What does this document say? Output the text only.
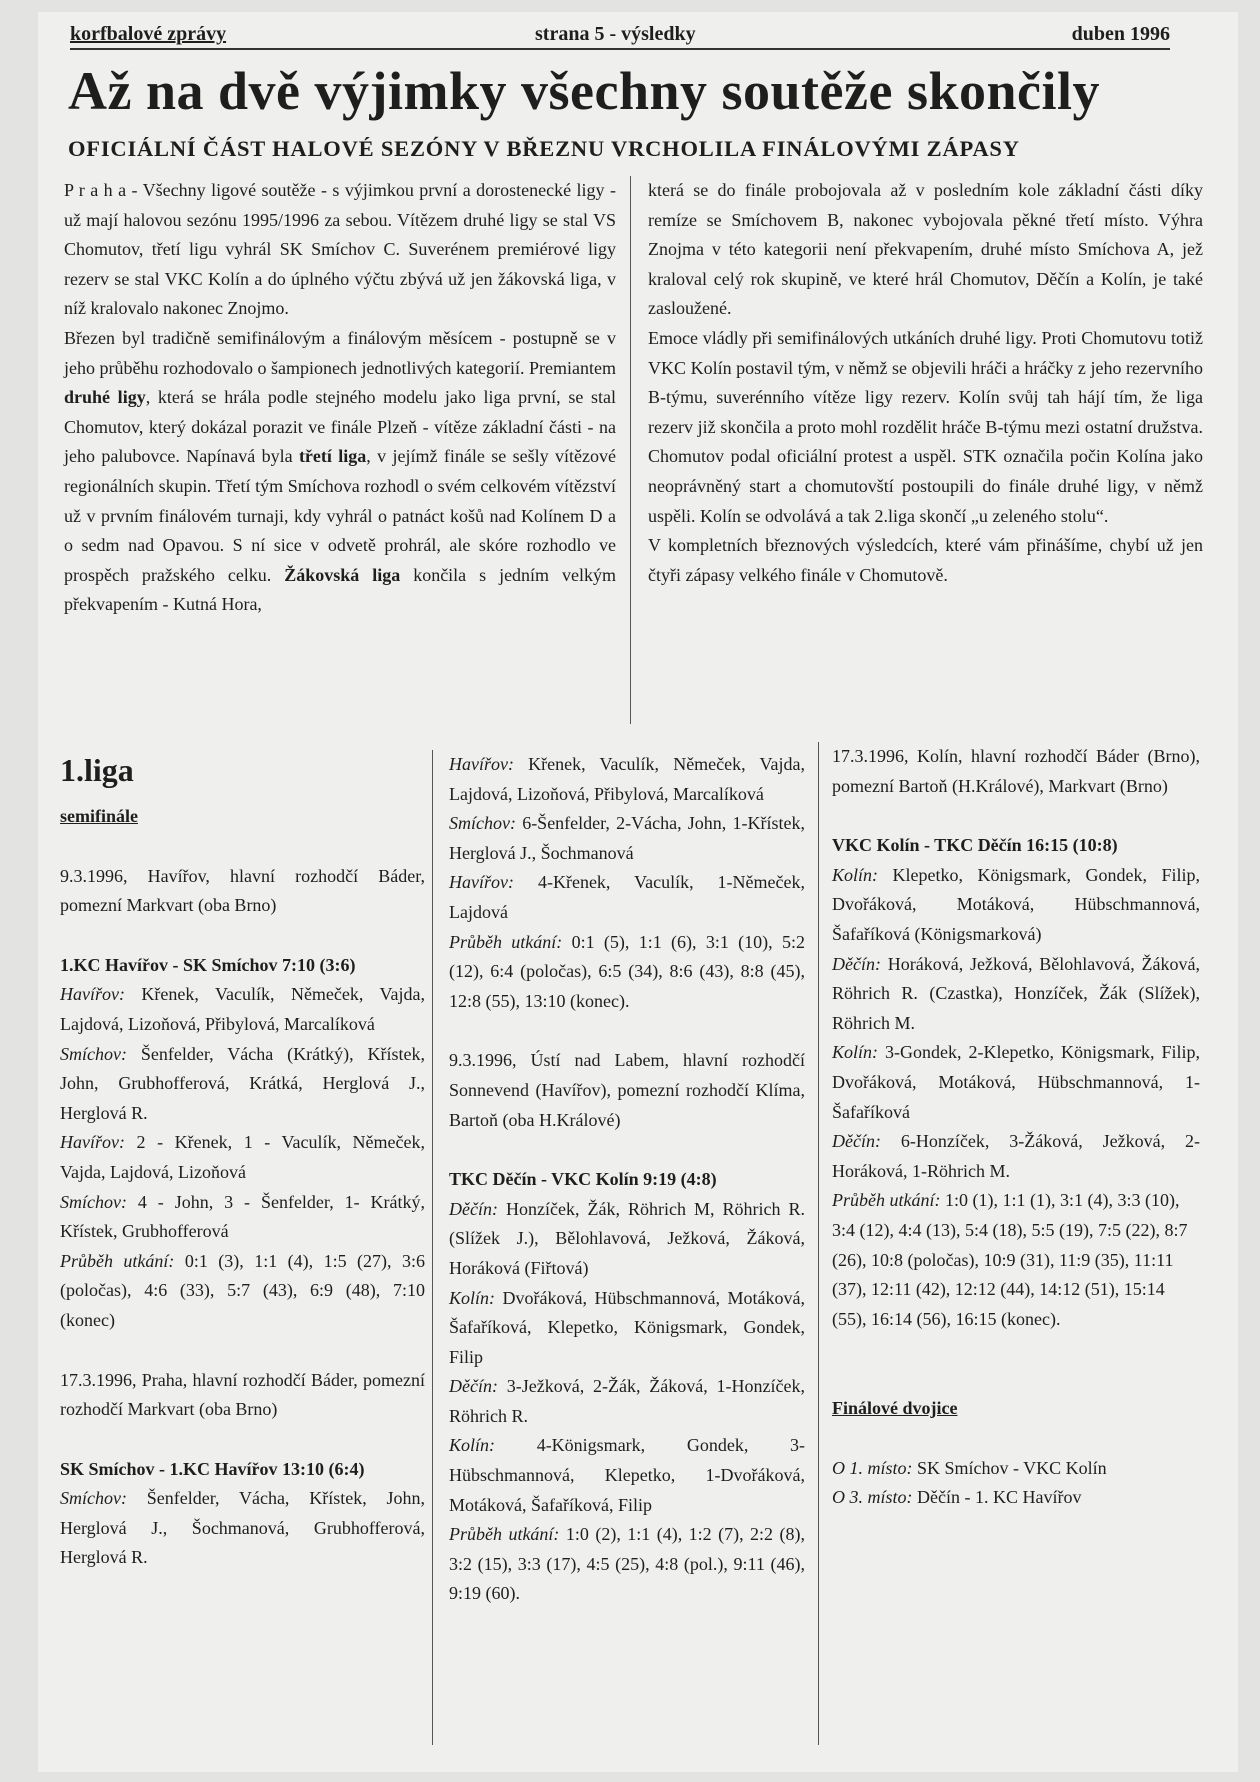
korfbalové zprávy	strana 5 - výsledky	duben 1996
Až na dvě výjimky všechny soutěže skončily
OFICIÁLNÍ ČÁST HALOVÉ SEZÓNY V BŘEZNU VRCHOLILA FINÁLOVÝMI ZÁPASY

P r a h a - Všechny ligové soutěže - s výjimkou první a dorostenecké ligy - už mají halovou sezónu 1995/1996 za sebou. Vítězem druhé ligy se stal VS Chomutov, třetí ligu vyhrál SK Smíchov C. Suverénem premiérové ligy rezerv se stal VKC Kolín a do úplného výčtu zbývá už jen žákovská liga, v níž kralovalo nakonec Znojmo.

Březen byl tradičně semifinálovým a finálovým měsícem - postupně se v jeho průběhu rozhodovalo o šampionech jednotlivých kategorií. Premiantem druhé ligy, která se hrála podle stejného modelu jako liga první, se stal Chomutov, který dokázal porazit ve finále Plzeň - vítěze základní části - na jeho palubovce. Napínavá byla třetí liga, v jejímž finále se sešly vítězové regionálních skupin. Třetí tým Smíchova rozhodl o svém celkovém vítězství už v prvním finálovém turnaji, kdy vyhrál o patnáct košů nad Kolínem D a o sedm nad Opavou. S ní sice v odvetě prohrál, ale skóre rozhodlo ve prospěch pražského celku. Žákovská liga končila s jedním velkým překvapením - Kutná Hora,

která se do finále probojovala až v posledním kole základní části díky remíze se Smíchovem B, nakonec vybojovala pěkné třetí místo. Výhra Znojma v této kategorii není překvapením, druhé místo Smíchova A, jež kraloval celý rok skupině, ve které hrál Chomutov, Děčín a Kolín, je také zasloužené.

Emoce vládly při semifinálových utkáních druhé ligy. Proti Chomutovu totiž VKC Kolín postavil tým, v němž se objevili hráči a hráčky z jeho rezervního B-týmu, suverénního vítěze ligy rezerv. Kolín svůj tah hájí tím, že liga rezerv již skončila a proto mohl rozdělit hráče B-týmu mezi ostatní družstva. Chomutov podal oficiální protest a uspěl. STK označila počin Kolína jako neoprávněný start a chomutovští postoupili do finále druhé ligy, v němž uspěli. Kolín se odvolává a tak 2.liga skončí „u zeleného stolu“.

V kompletních březnových výsledcích, které vám přinášíme, chybí už jen čtyři zápasy velkého finále v Chomutově.

1.liga
semifinále

9.3.1996, Havířov, hlavní rozhodčí Báder, pomezní Markvart (oba Brno)

1.KC Havířov - SK Smíchov 7:10 (3:6)

Havířov: Křenek, Vaculík, Němeček, Vajda, Lajdová, Lizoňová, Přibylová, Marcalíková

Smíchov: Šenfelder, Vácha (Krátký), Křístek, John, Grubhofferová, Krátká, Herglová J., Herglová R.

Havířov: 2 - Křenek, 1 - Vaculík, Němeček, Vajda, Lajdová, Lizoňová

Smíchov: 4 - John, 3 - Šenfelder, 1- Krátký, Křístek, Grubhofferová

Průběh utkání: 0:1 (3), 1:1 (4), 1:5 (27), 3:6 (poločas), 4:6 (33), 5:7 (43), 6:9 (48), 7:10 (konec)

17.3.1996, Praha, hlavní rozhodčí Báder, pomezní rozhodčí Markvart (oba Brno)

SK Smíchov - 1.KC Havířov 13:10 (6:4)

Smíchov: Šenfelder, Vácha, Křístek, John, Herglová J., Šochmanová, Grubhofferová, Herglová R.

Havířov: Křenek, Vaculík, Němeček, Vajda, Lajdová, Lizoňová, Přibylová, Marcalíková

Smíchov: 6-Šenfelder, 2-Vácha, John, 1-Křístek, Herglová J., Šochmanová

Havířov: 4-Křenek, Vaculík, 1-Němeček, Lajdová

Průběh utkání: 0:1 (5), 1:1 (6), 3:1 (10), 5:2 (12), 6:4 (poločas), 6:5 (34), 8:6 (43), 8:8 (45), 12:8 (55), 13:10 (konec).

9.3.1996, Ústí nad Labem, hlavní rozhodčí Sonnevend (Havířov), pomezní rozhodčí Klíma, Bartoň (oba H.Králové)

TKC Děčín - VKC Kolín 9:19 (4:8)

Děčín: Honzíček, Žák, Röhrich M, Röhrich R. (Slížek J.), Bělohlavová, Ježková, Žáková, Horáková (Fiřtová)

Kolín: Dvořáková, Hübschmannová, Motáková, Šafaříková, Klepetko, Königsmark, Gondek, Filip

Děčín: 3-Ježková, 2-Žák, Žáková, 1-Honzíček, Röhrich R.

Kolín: 4-Königsmark, Gondek, 3-Hübschmannová, Klepetko, 1-Dvořáková, Motáková, Šafaříková, Filip

Průběh utkání: 1:0 (2), 1:1 (4), 1:2 (7), 2:2 (8), 3:2 (15), 3:3 (17), 4:5 (25), 4:8 (pol.), 9:11 (46), 9:19 (60).

17.3.1996, Kolín, hlavní rozhodčí Báder (Brno), pomezní Bartoň (H.Králové), Markvart (Brno)

VKC Kolín - TKC Děčín 16:15 (10:8)

Kolín: Klepetko, Königsmark, Gondek, Filip, Dvořáková, Motáková, Hübschmannová, Šafaříková (Königsmarková)

Děčín: Horáková, Ježková, Bělohlavová, Žáková, Röhrich R. (Czastka), Honzíček, Žák (Slížek), Röhrich M.

Kolín: 3-Gondek, 2-Klepetko, Königsmark, Filip, Dvořáková, Motáková, Hübschmannová, 1-Šafaříková

Děčín: 6-Honzíček, 3-Žáková, Ježková, 2-Horáková, 1-Röhrich M.

Průběh utkání: 1:0 (1), 1:1 (1), 3:1 (4), 3:3 (10), 3:4 (12), 4:4 (13), 5:4 (18), 5:5 (19), 7:5 (22), 8:7 (26), 10:8 (poločas), 10:9 (31), 11:9 (35), 11:11 (37), 12:11 (42), 12:12 (44), 14:12 (51), 15:14 (55), 16:14 (56), 16:15 (konec).

Finálové dvojice

O 1. místo: SK Smíchov - VKC Kolín

O 3. místo: Děčín - 1. KC Havířov
